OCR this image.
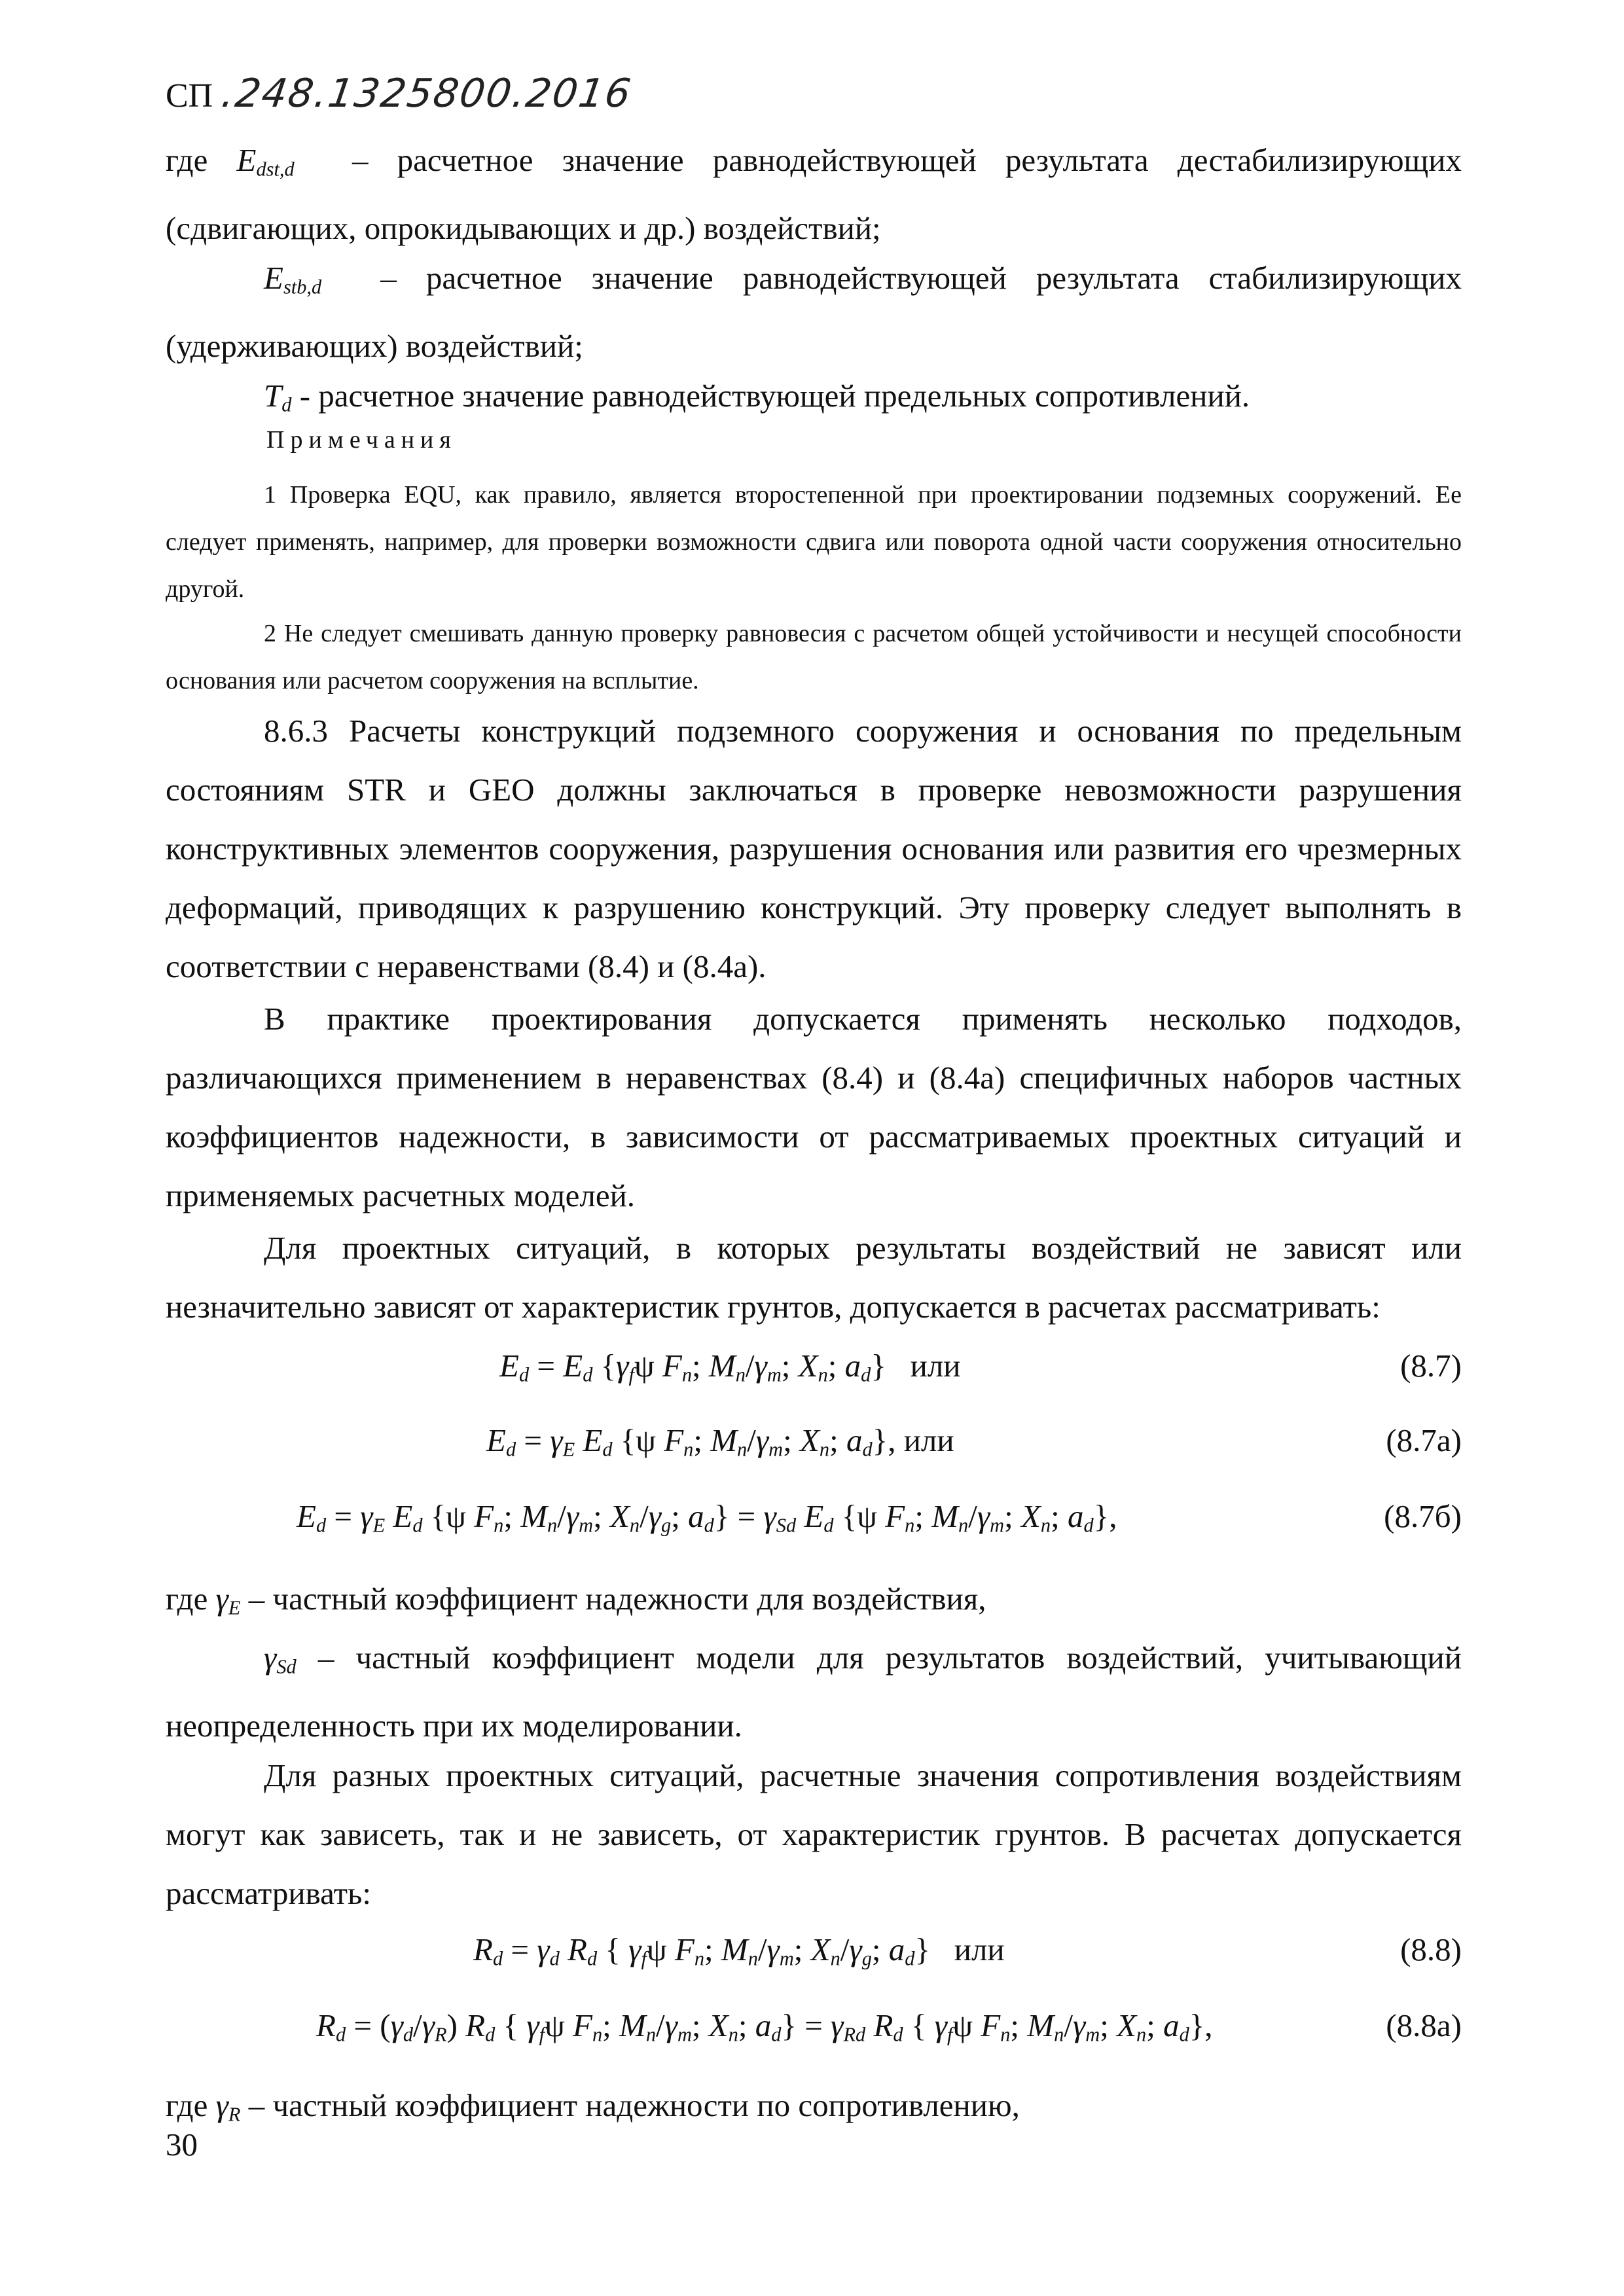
СП .248.1325800.2016

где $E_{dst,d}$ – расчетное значение равнодействующей результата дестабилизирующих (сдвигающих, опрокидывающих и др.) воздействий;

$E_{stb,d}$ – расчетное значение равнодействующей результата стабилизирующих (удерживающих) воздействий;

$T_d$ - расчетное значение равнодействующей предельных сопротивлений.

Примечания

1 Проверка EQU, как правило, является второстепенной при проектировании подземных сооружений. Ее следует применять, например, для проверки возможности сдвига или поворота одной части сооружения относительно другой.

2 Не следует смешивать данную проверку равновесия с расчетом общей устойчивости и несущей способности основания или расчетом сооружения на всплытие.

8.6.3 Расчеты конструкций подземного сооружения и основания по предельным состояниям STR и GEO должны заключаться в проверке невозможности разрушения конструктивных элементов сооружения, разрушения основания или развития его чрезмерных деформаций, приводящих к разрушению конструкций. Эту проверку следует выполнять в соответствии с неравенствами (8.4) и (8.4а).

В практике проектирования допускается применять несколько подходов, различающихся применением в неравенствах (8.4) и (8.4а) специфичных наборов частных коэффициентов надежности, в зависимости от рассматриваемых проектных ситуаций и применяемых расчетных моделей.

Для проектных ситуаций, в которых результаты воздействий не зависят или незначительно зависят от характеристик грунтов, допускается в расчетах рассматривать:

$E_d = E_d$ {$\gamma_f\psi$ $F_n$; $M_n/\gamma_m$; $X_n$; $a_d$}   или	(8.7)
$E_d = \gamma_E$ $E_d$ {ψ $F_n$; $M_n/\gamma_m$; $X_n$; $a_d$}, или	(8.7а)
$E_d = \gamma_E$ $E_d$ {ψ $F_n$; $M_n/\gamma_m$; $X_n/\gamma_g$; $a_d\} = \gamma_{Sd}$ $E_d$ {ψ $F_n$; $M_n/\gamma_m$; $X_n$; $a_d$},	(8.7б)

где $\gamma_E$ – частный коэффициент надежности для воздействия,

$\gamma_{Sd}$ – частный коэффициент модели для результатов воздействий, учитывающий неопределенность при их моделировании.

Для разных проектных ситуаций, расчетные значения сопротивления воздействиям могут как зависеть, так и не зависеть, от характеристик грунтов. В расчетах допускается рассматривать:

$R_d = \gamma_d$ $R_d$ { $\gamma_f\psi$ $F_n$; $M_n/\gamma_m$; $X_n/\gamma_g$; $a_d$}   или	(8.8)
$R_d = (\gamma_d/\gamma_R)$ $R_d$ { $\gamma_f\psi$ $F_n$; $M_n/\gamma_m$; $X_n$; $a_d\} = \gamma_{Rd}$ $R_d$ { $\gamma_f\psi$ $F_n$; $M_n/\gamma_m$; $X_n$; $a_d$},	(8.8а)

где $\gamma_R$ – частный коэффициент надежности по сопротивлению,

30
